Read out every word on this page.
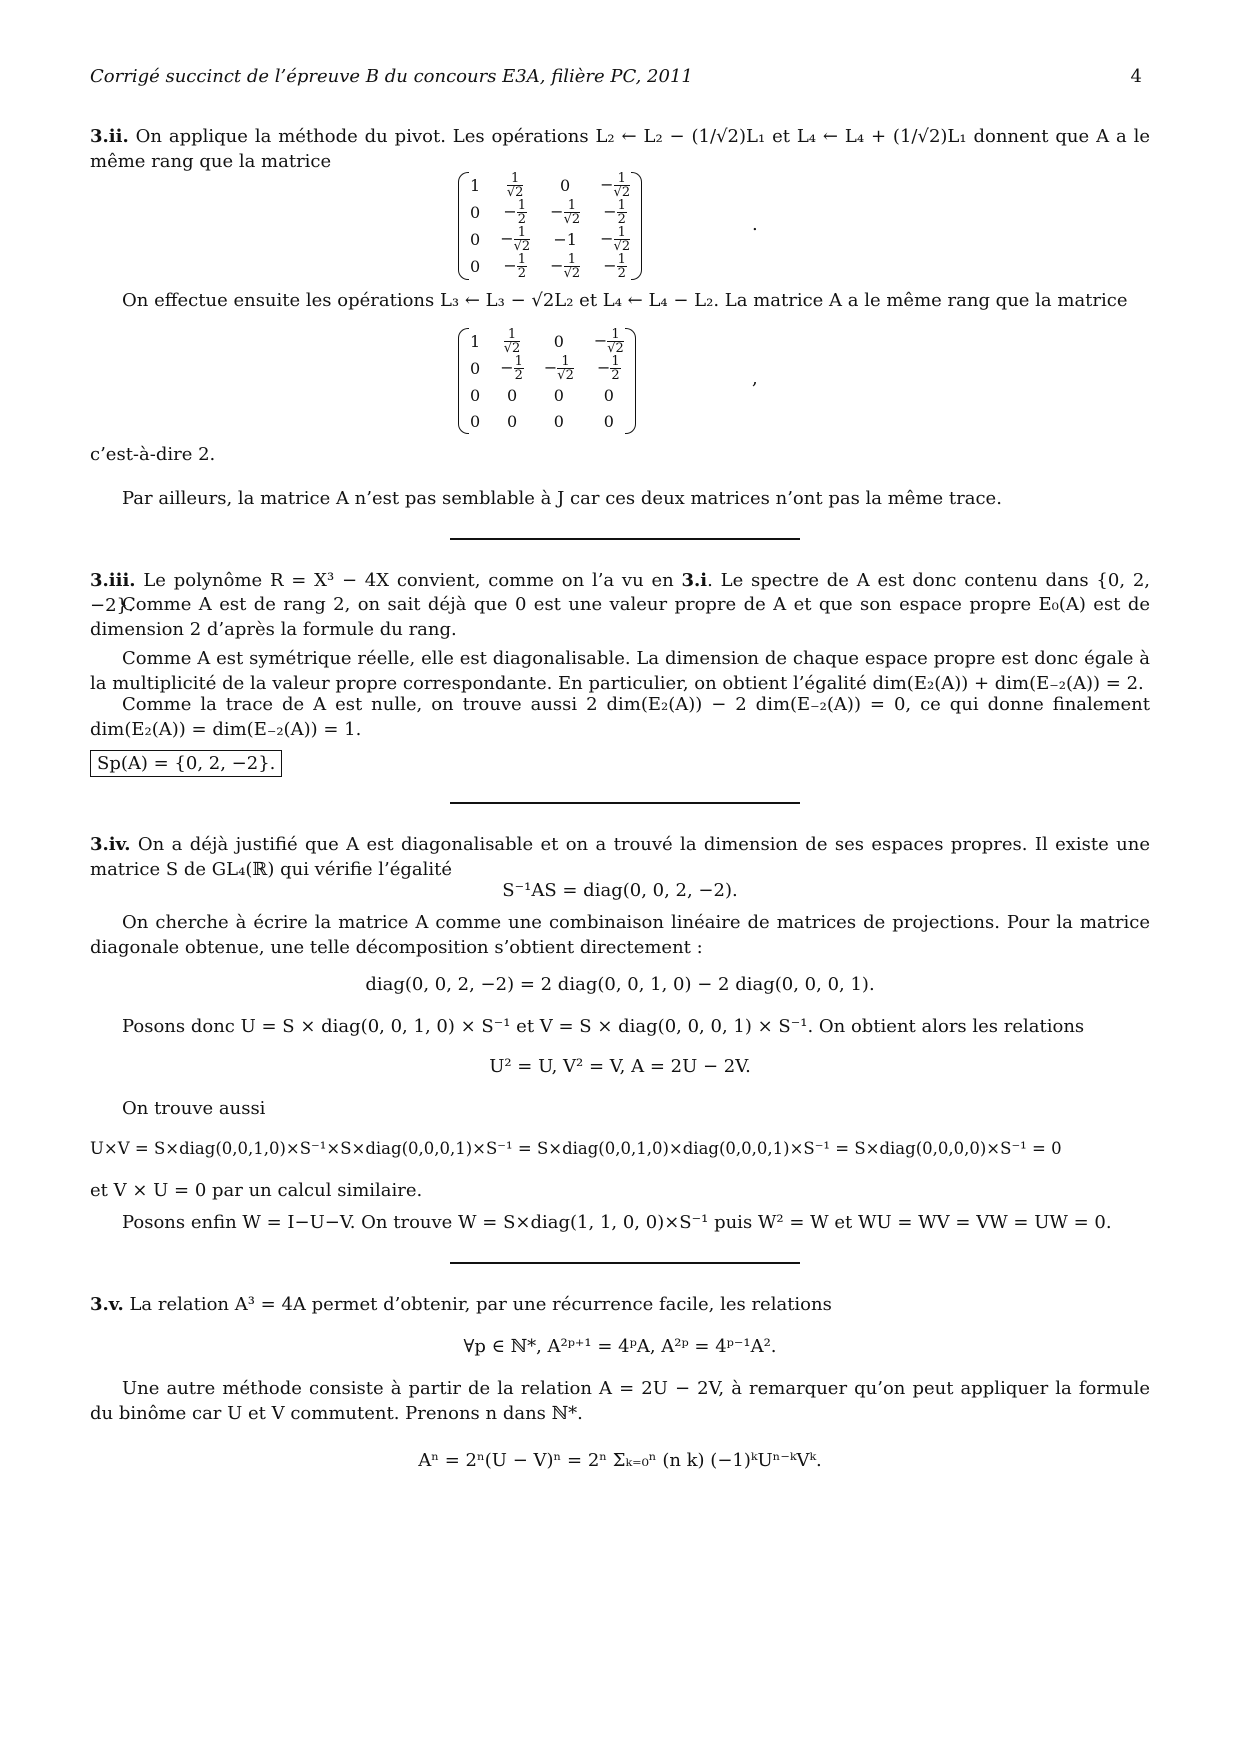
Corrigé succinct de l’épreuve B du concours E3A, filière PC, 2011	4
3.ii. On applique la méthode du pivot. Les opérations L₂ ← L₂ − (1/√2)L₁ et L₄ ← L₄ + (1/√2)L₁ donnent que A a le même rang que la matrice
1	$\frac{1}{√2}$	0	− $\frac{1}{√2}$

0	− $\frac{1}{2}$	− $\frac{1}{√2}$	− $\frac{1}{2}$

0	− $\frac{1}{√2}$	−1	− $\frac{1}{√2}$

0	− $\frac{1}{2}$	− $\frac{1}{√2}$	− $\frac{1}{2}$
.
On effectue ensuite les opérations L₃ ← L₃ − √2L₂ et L₄ ← L₄ − L₂. La matrice A a le même rang que la matrice
1	$\frac{1}{√2}$	0	− $\frac{1}{√2}$

0	− $\frac{1}{2}$	− $\frac{1}{√2}$	− $\frac{1}{2}$

0	0	0	0
0	0	0	0
,
c’est-à-dire 2.
Par ailleurs, la matrice A n’est pas semblable à J car ces deux matrices n’ont pas la même trace.
3.iii. Le polynôme R = X³ − 4X convient, comme on l’a vu en 3.i. Le spectre de A est donc contenu dans {0, 2, −2}.
Comme A est de rang 2, on sait déjà que 0 est une valeur propre de A et que son espace propre E₀(A) est de dimension 2 d’après la formule du rang.
Comme A est symétrique réelle, elle est diagonalisable. La dimension de chaque espace propre est donc égale à la multiplicité de la valeur propre correspondante. En particulier, on obtient l’égalité dim(E₂(A)) + dim(E₋₂(A)) = 2.
Comme la trace de A est nulle, on trouve aussi 2 dim(E₂(A)) − 2 dim(E₋₂(A)) = 0, ce qui donne finalement dim(E₂(A)) = dim(E₋₂(A)) = 1.
Sp(A) = {0, 2, −2}.
3.iv. On a déjà justifié que A est diagonalisable et on a trouvé la dimension de ses espaces propres. Il existe une matrice S de GL₄(ℝ) qui vérifie l’égalité
S⁻¹AS = diag(0, 0, 2, −2).
On cherche à écrire la matrice A comme une combinaison linéaire de matrices de projections. Pour la matrice diagonale obtenue, une telle décomposition s’obtient directement :
diag(0, 0, 2, −2) = 2 diag(0, 0, 1, 0) − 2 diag(0, 0, 0, 1).
Posons donc U = S × diag(0, 0, 1, 0) × S⁻¹ et V = S × diag(0, 0, 0, 1) × S⁻¹. On obtient alors les relations
U² = U, V² = V, A = 2U − 2V.
On trouve aussi
U×V = S×diag(0,0,1,0)×S⁻¹×S×diag(0,0,0,1)×S⁻¹ = S×diag(0,0,1,0)×diag(0,0,0,1)×S⁻¹ = S×diag(0,0,0,0)×S⁻¹ = 0
et V × U = 0 par un calcul similaire.
Posons enfin W = I−U−V. On trouve W = S×diag(1, 1, 0, 0)×S⁻¹ puis W² = W et WU = WV = VW = UW = 0.
3.v. La relation A³ = 4A permet d’obtenir, par une récurrence facile, les relations
∀p ∈ ℕ*, A²ᵖ⁺¹ = 4ᵖA, A²ᵖ = 4ᵖ⁻¹A².
Une autre méthode consiste à partir de la relation A = 2U − 2V, à remarquer qu’on peut appliquer la formule du binôme car U et V commutent. Prenons n dans ℕ*.
Aⁿ = 2ⁿ(U − V)ⁿ = 2ⁿ Σₖ₌₀ⁿ (n k) (−1)ᵏUⁿ⁻ᵏVᵏ.
